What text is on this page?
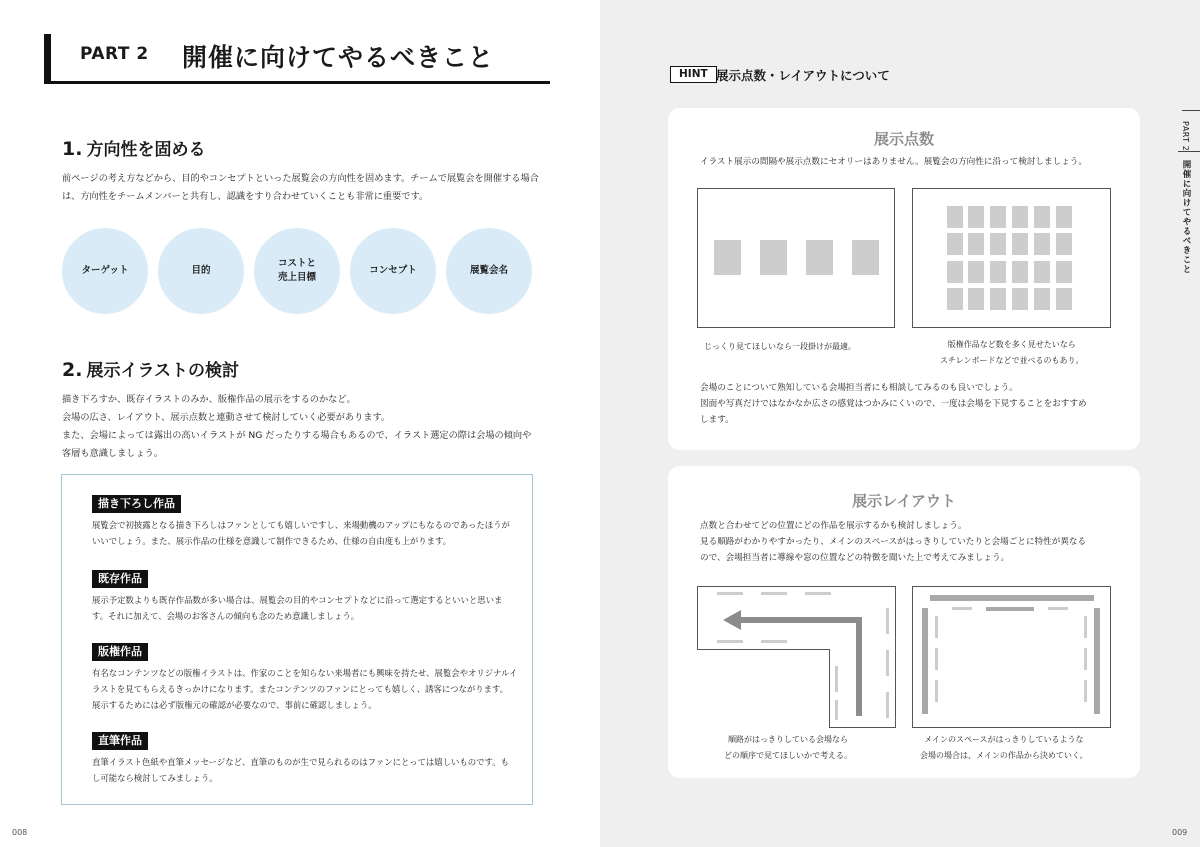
PART 2 開催に向けてやるべきこと
1. 方向性を固める

前ページの考え方などから、目的やコンセプトといった展覧会の方向性を固めます。チームで展覧会を開催する場合

は、方向性をチームメンバーと共有し、認識をすり合わせていくことも非常に重要です。

ターゲット	目的
コストと
売上目標
コンセプト	展覧会名
2. 展示イラストの検討

描き下ろすか、既存イラストのみか、版権作品の展示をするのかなど。

会場の広さ、レイアウト、展示点数と連動させて検討していく必要があります。

また、会場によっては露出の高いイラストが NG だったりする場合もあるので、イラスト選定の際は会場の傾向や

客層も意識しましょう。

描き下ろし作品

展覧会で初披露となる描き下ろしはファンとしても嬉しいですし、来場動機のアップにもなるのであったほうが

いいでしょう。また、展示作品の仕様を意識して制作できるため、仕様の自由度も上がります。

既存作品

展示予定数よりも既存作品数が多い場合は、展覧会の目的やコンセプトなどに沿って選定するといいと思いま

す。それに加えて、会場のお客さんの傾向も念のため意識しましょう。

版権作品

有名なコンテンツなどの版権イラストは、作家のことを知らない来場者にも興味を持たせ、展覧会やオリジナルイ

ラストを見てもらえるきっかけになります。またコンテンツのファンにとっても嬉しく、誘客につながります。

展示するためには必ず版権元の確認が必要なので、事前に確認しましょう。

直筆作品

直筆イラスト色紙や直筆メッセージなど、直筆のものが生で見られるのはファンにとっては嬉しいものです。も

し可能なら検討してみましょう。

008
HINT 展示点数・レイアウトについて
展示点数

イラスト展示の間隔や展示点数にセオリーはありません。展覧会の方向性に沿って検討しましょう。

じっくり見てほしいなら一段掛けが最適。	版権作品など数を多く見せたいなら

スチレンボードなどで並べるのもあり。

会場のことについて熟知している会場担当者にも相談してみるのも良いでしょう。

図面や写真だけではなかなか広さの感覚はつかみにくいので、一度は会場を下見することをおすすめ

します。

展示レイアウト

点数と合わせてどの位置にどの作品を展示するかも検討しましょう。

見る順路がわかりやすかったり、メインのスペースがはっきりしていたりと会場ごとに特性が異なる

ので、会場担当者に導線や窓の位置などの特徴を聞いた上で考えてみましょう。

順路がはっきりしている会場なら

どの順序で見てほしいかで考える。

メインのスペースがはっきりしているような

会場の場合は、メインの作品から決めていく。

PART 2
開催に向けてやるべきこと
009
